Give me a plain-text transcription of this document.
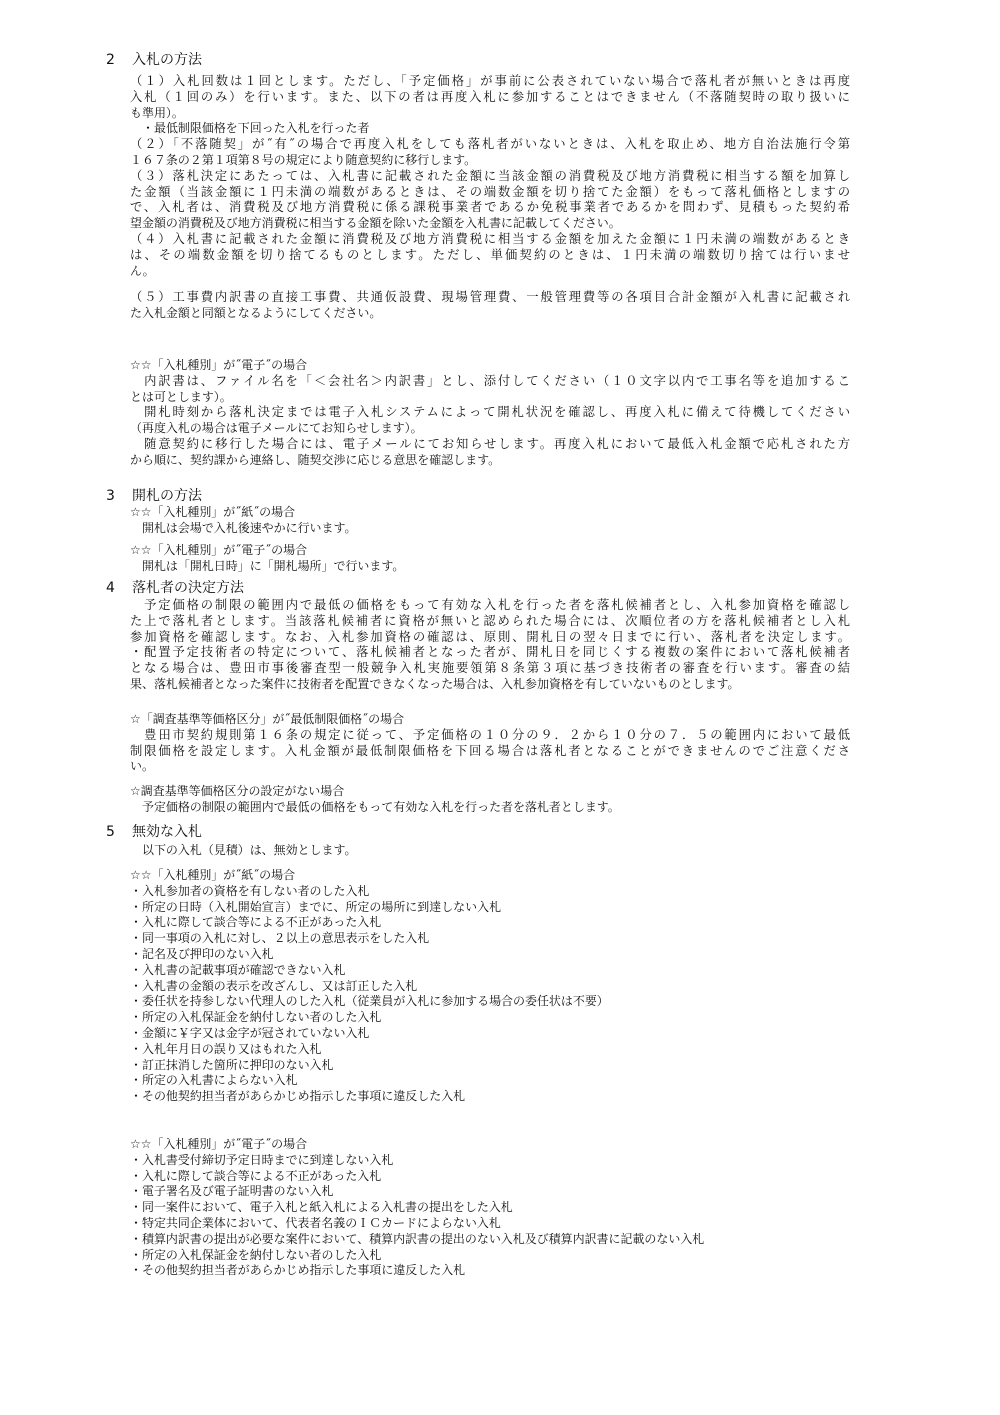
2 入札の方法
（１）入札回数は１回とします。ただし、「予定価格」が事前に公表されていない場合で落札者が無いときは再度
入札（１回のみ）を行います。また、以下の者は再度入札に参加することはできません（不落随契時の取り扱いに
も準用）。
・最低制限価格を下回った入札を行った者
（２）「不落随契」が˝有˝の場合で再度入札をしても落札者がいないときは、入札を取止め、地方自治法施行令第
１６７条の２第１項第８号の規定により随意契約に移行します。
（３）落札決定にあたっては、入札書に記載された金額に当該金額の消費税及び地方消費税に相当する額を加算し
た金額（当該金額に１円未満の端数があるときは、その端数金額を切り捨てた金額）をもって落札価格としますの
で、入札者は、消費税及び地方消費税に係る課税事業者であるか免税事業者であるかを問わず、見積もった契約希
望金額の消費税及び地方消費税に相当する金額を除いた金額を入札書に記載してください。
（４）入札書に記載された金額に消費税及び地方消費税に相当する金額を加えた金額に１円未満の端数があるとき
は、その端数金額を切り捨てるものとします。ただし、単価契約のときは、１円未満の端数切り捨ては行いませ
ん。
（５）工事費内訳書の直接工事費、共通仮設費、現場管理費、一般管理費等の各項目合計金額が入札書に記載され
た入札金額と同額となるようにしてください。
☆☆「入札種別」が˝電子˝の場合
　内訳書は、ファイル名を「＜会社名＞内訳書」とし、添付してください（１０文字以内で工事名等を追加するこ
とは可とします）。
　開札時刻から落札決定までは電子入札システムによって開札状況を確認し、再度入札に備えて待機してください
（再度入札の場合は電子メールにてお知らせします）。
　随意契約に移行した場合には、電子メールにてお知らせします。再度入札において最低入札金額で応札された方
から順に、契約課から連絡し、随契交渉に応じる意思を確認します。
3 開札の方法
☆☆「入札種別」が˝紙˝の場合
　開札は会場で入札後速やかに行います。
☆☆「入札種別」が˝電子˝の場合
　開札は「開札日時」に「開札場所」で行います。
4 落札者の決定方法
　予定価格の制限の範囲内で最低の価格をもって有効な入札を行った者を落札候補者とし、入札参加資格を確認し
た上で落札者とします。当該落札候補者に資格が無いと認められた場合には、次順位者の方を落札候補者とし入札
参加資格を確認します。なお、入札参加資格の確認は、原則、開札日の翌々日までに行い、落札者を決定します。
・配置予定技術者の特定について、落札候補者となった者が、開札日を同じくする複数の案件において落札候補者
となる場合は、豊田市事後審査型一般競争入札実施要領第８条第３項に基づき技術者の審査を行います。審査の結
果、落札候補者となった案件に技術者を配置できなくなった場合は、入札参加資格を有していないものとします。
☆「調査基準等価格区分」が˝最低制限価格˝の場合
　豊田市契約規則第１６条の規定に従って、予定価格の１０分の９．２から１０分の７．５の範囲内において最低
制限価格を設定します。入札金額が最低制限価格を下回る場合は落札者となることができませんのでご注意くださ
い。
☆調査基準等価格区分の設定がない場合
　予定価格の制限の範囲内で最低の価格をもって有効な入札を行った者を落札者とします。
5 無効な入札
　以下の入札（見積）は、無効とします。
☆☆「入札種別」が˝紙˝の場合
・入札参加者の資格を有しない者のした入札
・所定の日時（入札開始宣言）までに、所定の場所に到達しない入札
・入札に際して談合等による不正があった入札
・同一事項の入札に対し、２以上の意思表示をした入札
・記名及び押印のない入札
・入札書の記載事項が確認できない入札
・入札書の金額の表示を改ざんし、又は訂正した入札
・委任状を持参しない代理人のした入札（従業員が入札に参加する場合の委任状は不要）
・所定の入札保証金を納付しない者のした入札
・金額に￥字又は金字が冠されていない入札
・入札年月日の誤り又はもれた入札
・訂正抹消した箇所に押印のない入札
・所定の入札書によらない入札
・その他契約担当者があらかじめ指示した事項に違反した入札
☆☆「入札種別」が˝電子˝の場合
・入札書受付締切予定日時までに到達しない入札
・入札に際して談合等による不正があった入札
・電子署名及び電子証明書のない入札
・同一案件において、電子入札と紙入札による入札書の提出をした入札
・特定共同企業体において、代表者名義のＩＣカードによらない入札
・積算内訳書の提出が必要な案件において、積算内訳書の提出のない入札及び積算内訳書に記載のない入札
・所定の入札保証金を納付しない者のした入札
・その他契約担当者があらかじめ指示した事項に違反した入札
